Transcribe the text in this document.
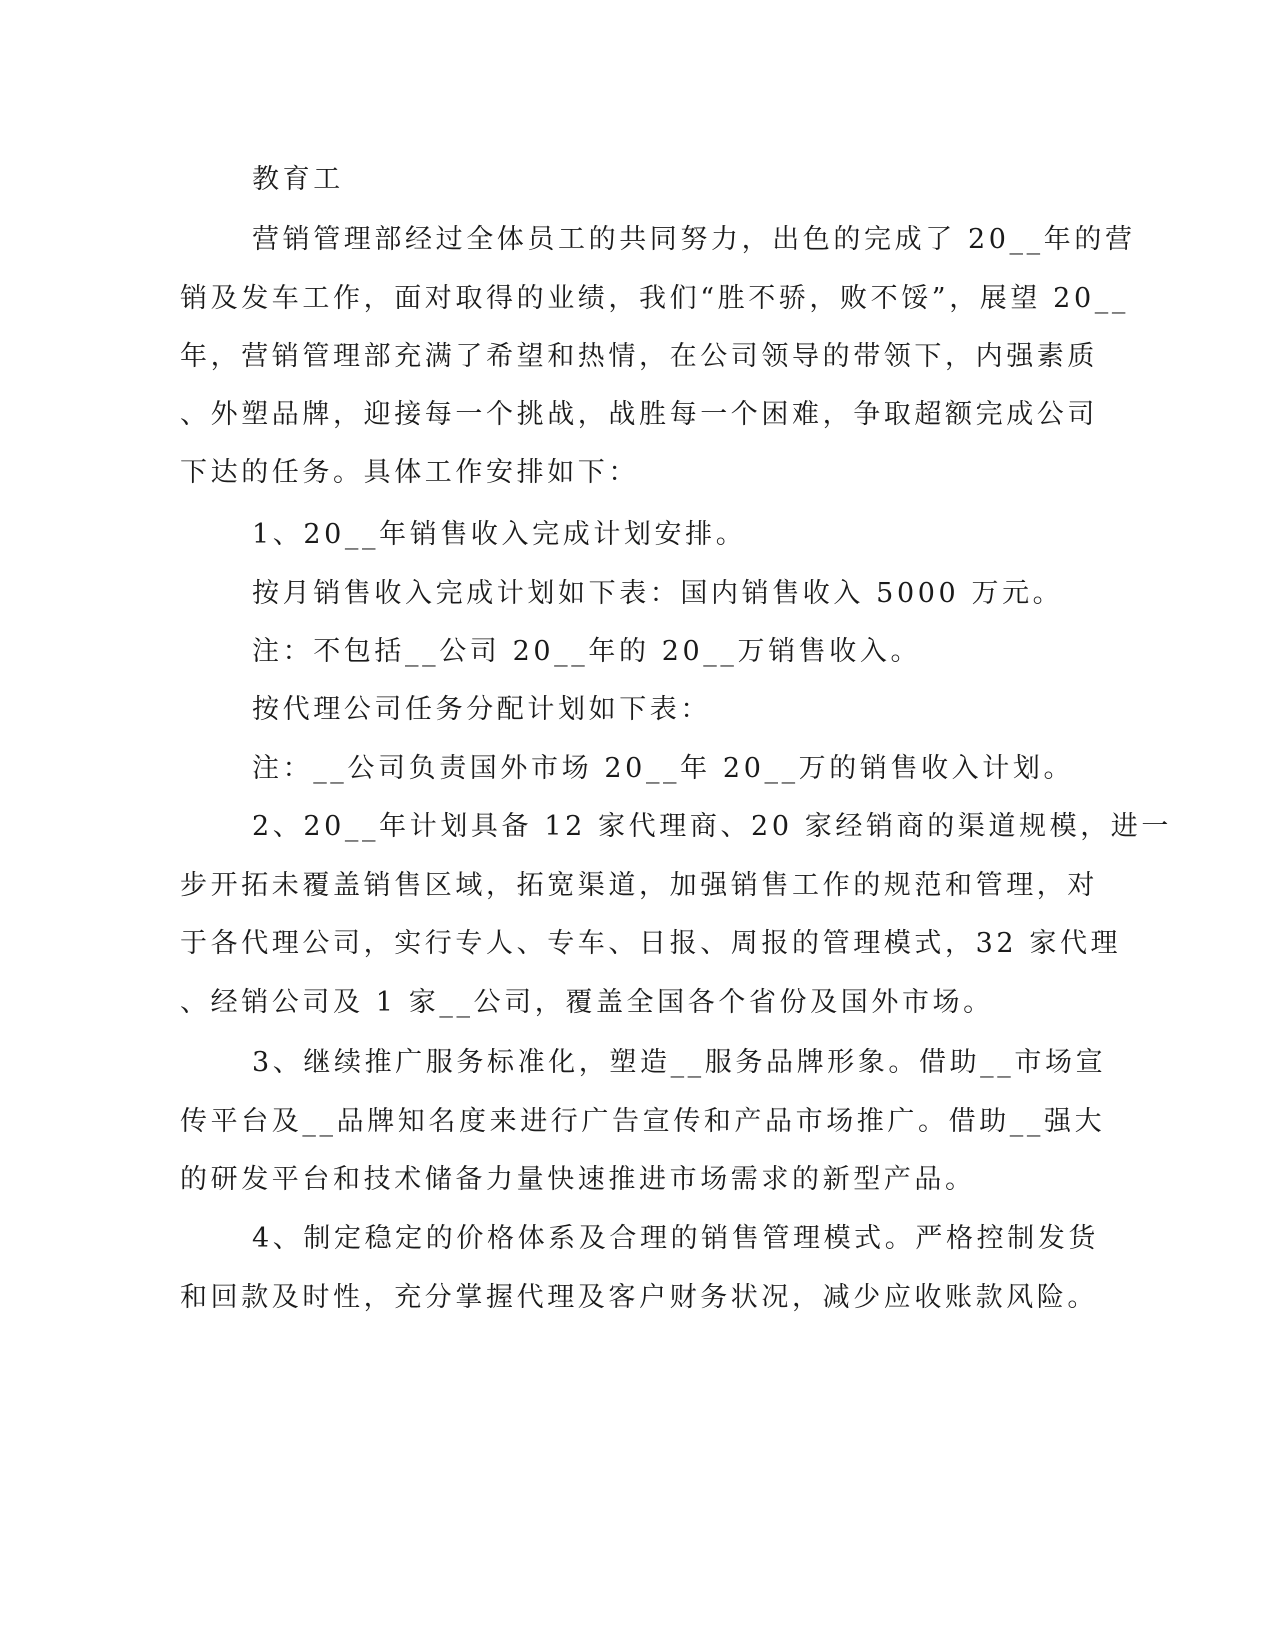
教育工

营销管理部经过全体员工的共同努力，出色的完成了 20__年的营

销及发车工作，面对取得的业绩，我们“胜不骄，败不馁”，展望 20__

年，营销管理部充满了希望和热情，在公司领导的带领下，内强素质

、外塑品牌，迎接每一个挑战，战胜每一个困难，争取超额完成公司

下达的任务。具体工作安排如下：

1、20__年销售收入完成计划安排。

按月销售收入完成计划如下表：国内销售收入 5000 万元。

注：不包括__公司 20__年的 20__万销售收入。

按代理公司任务分配计划如下表：

注：__公司负责国外市场 20__年 20__万的销售收入计划。

2、20__年计划具备 12 家代理商、20 家经销商的渠道规模，进一

步开拓未覆盖销售区域，拓宽渠道，加强销售工作的规范和管理，对

于各代理公司，实行专人、专车、日报、周报的管理模式，32 家代理

、经销公司及 1 家__公司，覆盖全国各个省份及国外市场。

3、继续推广服务标准化，塑造__服务品牌形象。借助__市场宣

传平台及__品牌知名度来进行广告宣传和产品市场推广。借助__强大

的研发平台和技术储备力量快速推进市场需求的新型产品。

4、制定稳定的价格体系及合理的销售管理模式。严格控制发货

和回款及时性，充分掌握代理及客户财务状况，减少应收账款风险。
